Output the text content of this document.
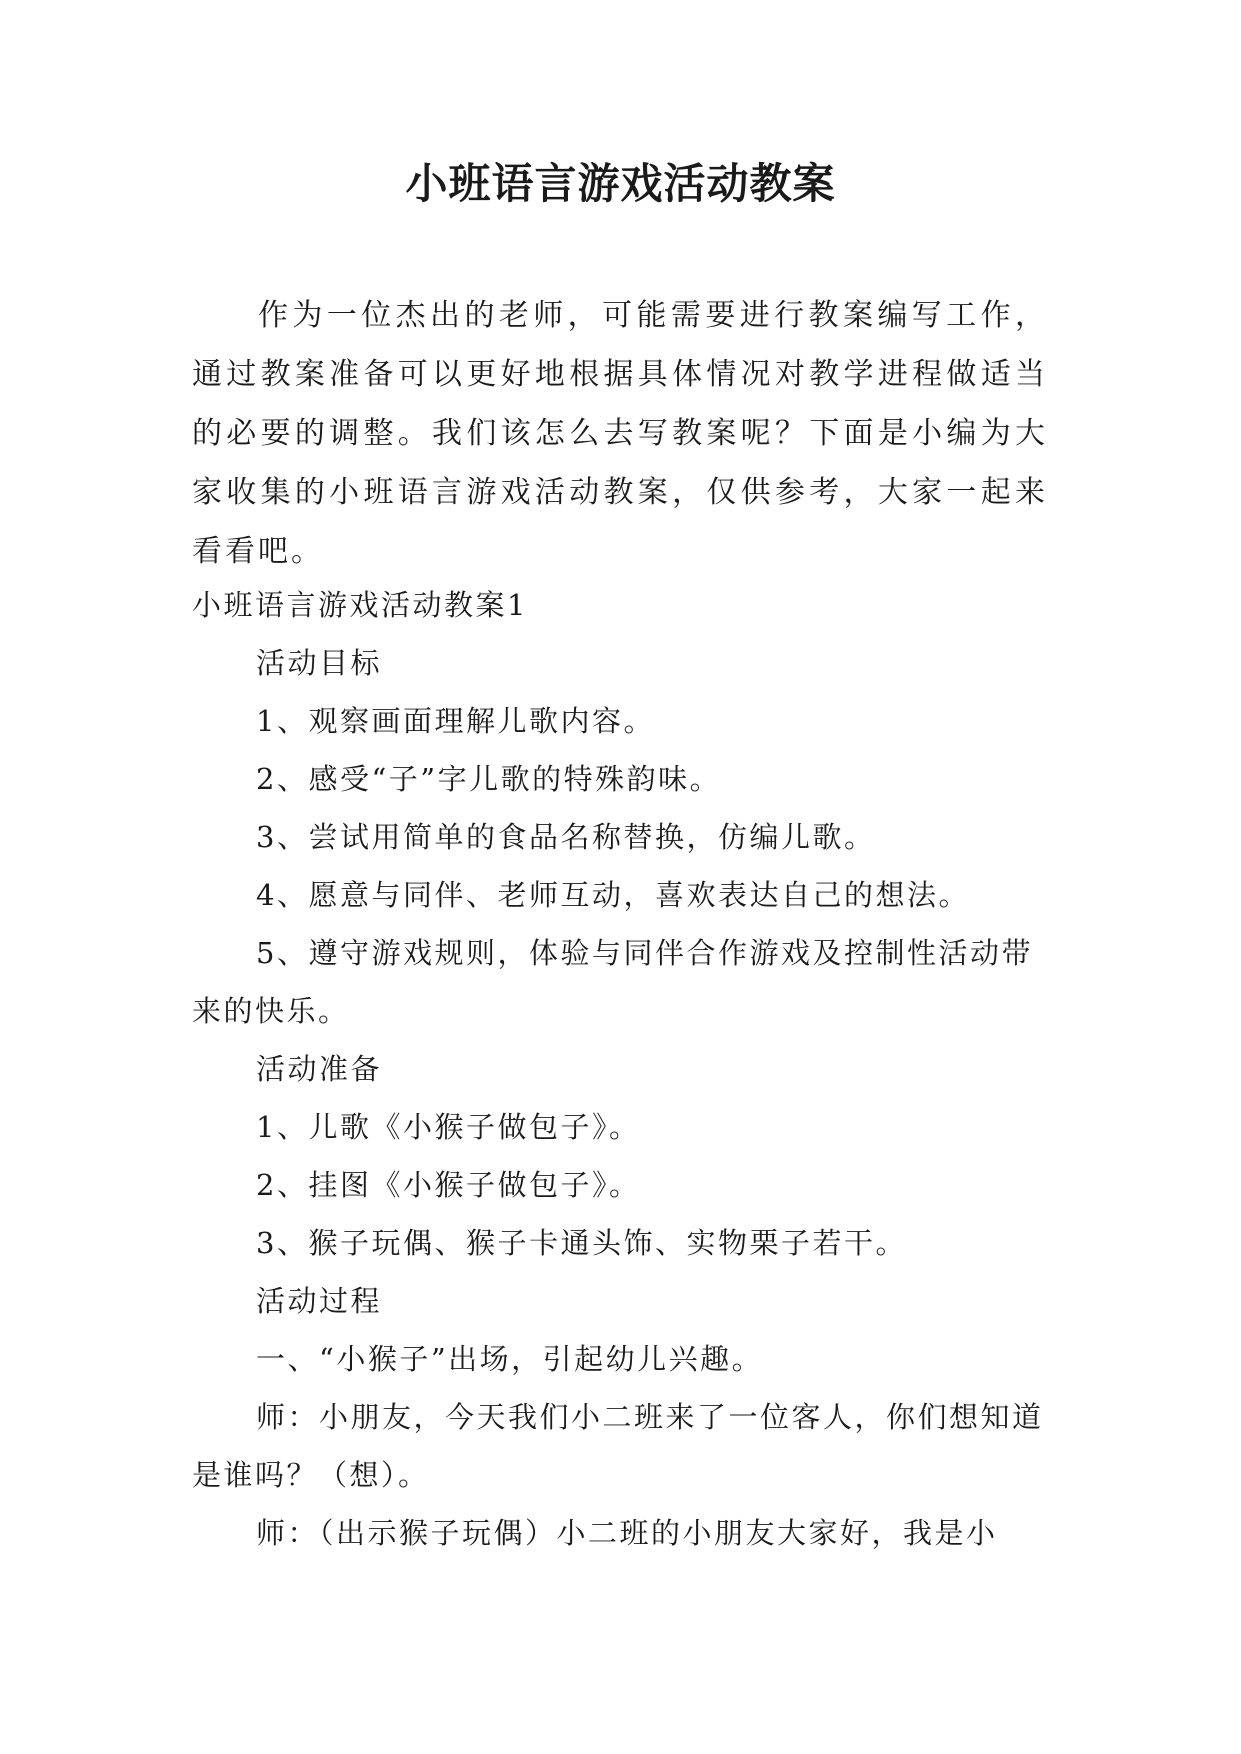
小班语言游戏活动教案

作为一位杰出的老师，可能需要进行教案编写工作，通过教案准备可以更好地根据具体情况对教学进程做适当的必要的调整。我们该怎么去写教案呢？下面是小编为大家收集的小班语言游戏活动教案，仅供参考，大家一起来看看吧。

小班语言游戏活动教案1

活动目标

1、观察画面理解儿歌内容。

2、感受“子”字儿歌的特殊韵味。

3、尝试用简单的食品名称替换，仿编儿歌。

4、愿意与同伴、老师互动，喜欢表达自己的想法。

5、遵守游戏规则，体验与同伴合作游戏及控制性活动带来的快乐。

活动准备

1、儿歌《小猴子做包子》。

2、挂图《小猴子做包子》。

3、猴子玩偶、猴子卡通头饰、实物栗子若干。

活动过程

一、“小猴子”出场，引起幼儿兴趣。

师：小朋友，今天我们小二班来了一位客人，你们想知道是谁吗？（想）。

师：（出示猴子玩偶）小二班的小朋友大家好，我是小
